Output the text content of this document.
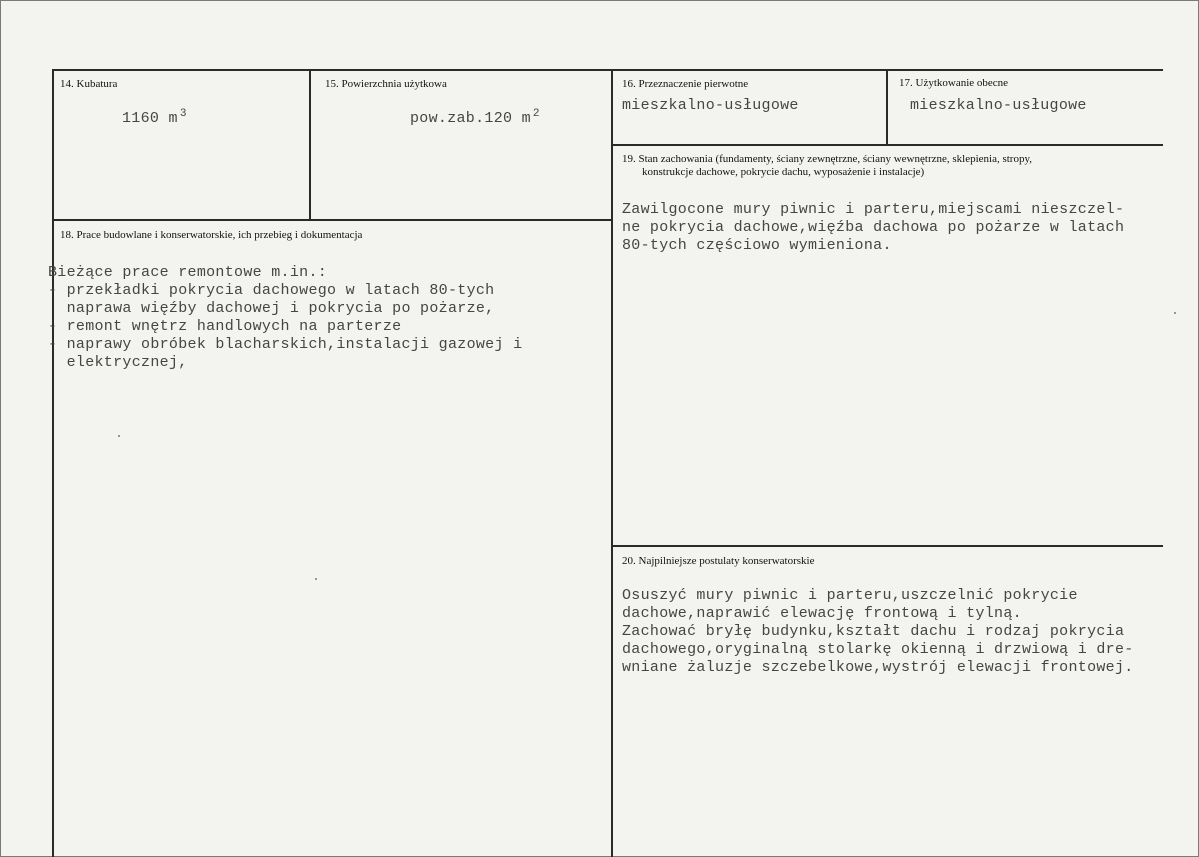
14. Kubatura
1160 m $^3$
15. Powierzchnia użytkowa
pow.zab.120 m $^2$
16. Przeznaczenie pierwotne
mieszkalno-usługowe
17. Użytkowanie obecne
mieszkalno-usługowe
19. Stan zachowania (fundamenty, ściany zewnętrzne, ściany wewnętrzne, sklepienia, stropy,
konstrukcje dachowe, pokrycie dachu, wyposażenie i instalacje)

Zawilgocone mury piwnic i parteru,miejscami nieszczel-
ne pokrycia dachowe,więźba dachowa po pożarze w latach
80-tych częściowo wymieniona.
18. Prace budowlane i konserwatorskie, ich przebieg i dokumentacja

Bieżące prace remontowe m.in.:
- przekładki pokrycia dachowego w latach 80-tych
naprawa więźby dachowej i pokrycia po pożarze,
- remont wnętrz handlowych na parterze
- naprawy obróbek blacharskich,instalacji gazowej i
elektrycznej,
20. Najpilniejsze postulaty konserwatorskie

Osuszyć mury piwnic i parteru,uszczelnić pokrycie
dachowe,naprawić elewację frontową i tylną.
Zachować bryłę budynku,kształt dachu i rodzaj pokrycia
dachowego,oryginalną stolarkę okienną i drzwiową i dre-
wniane żaluzje szczebelkowe,wystrój elewacji frontowej.
